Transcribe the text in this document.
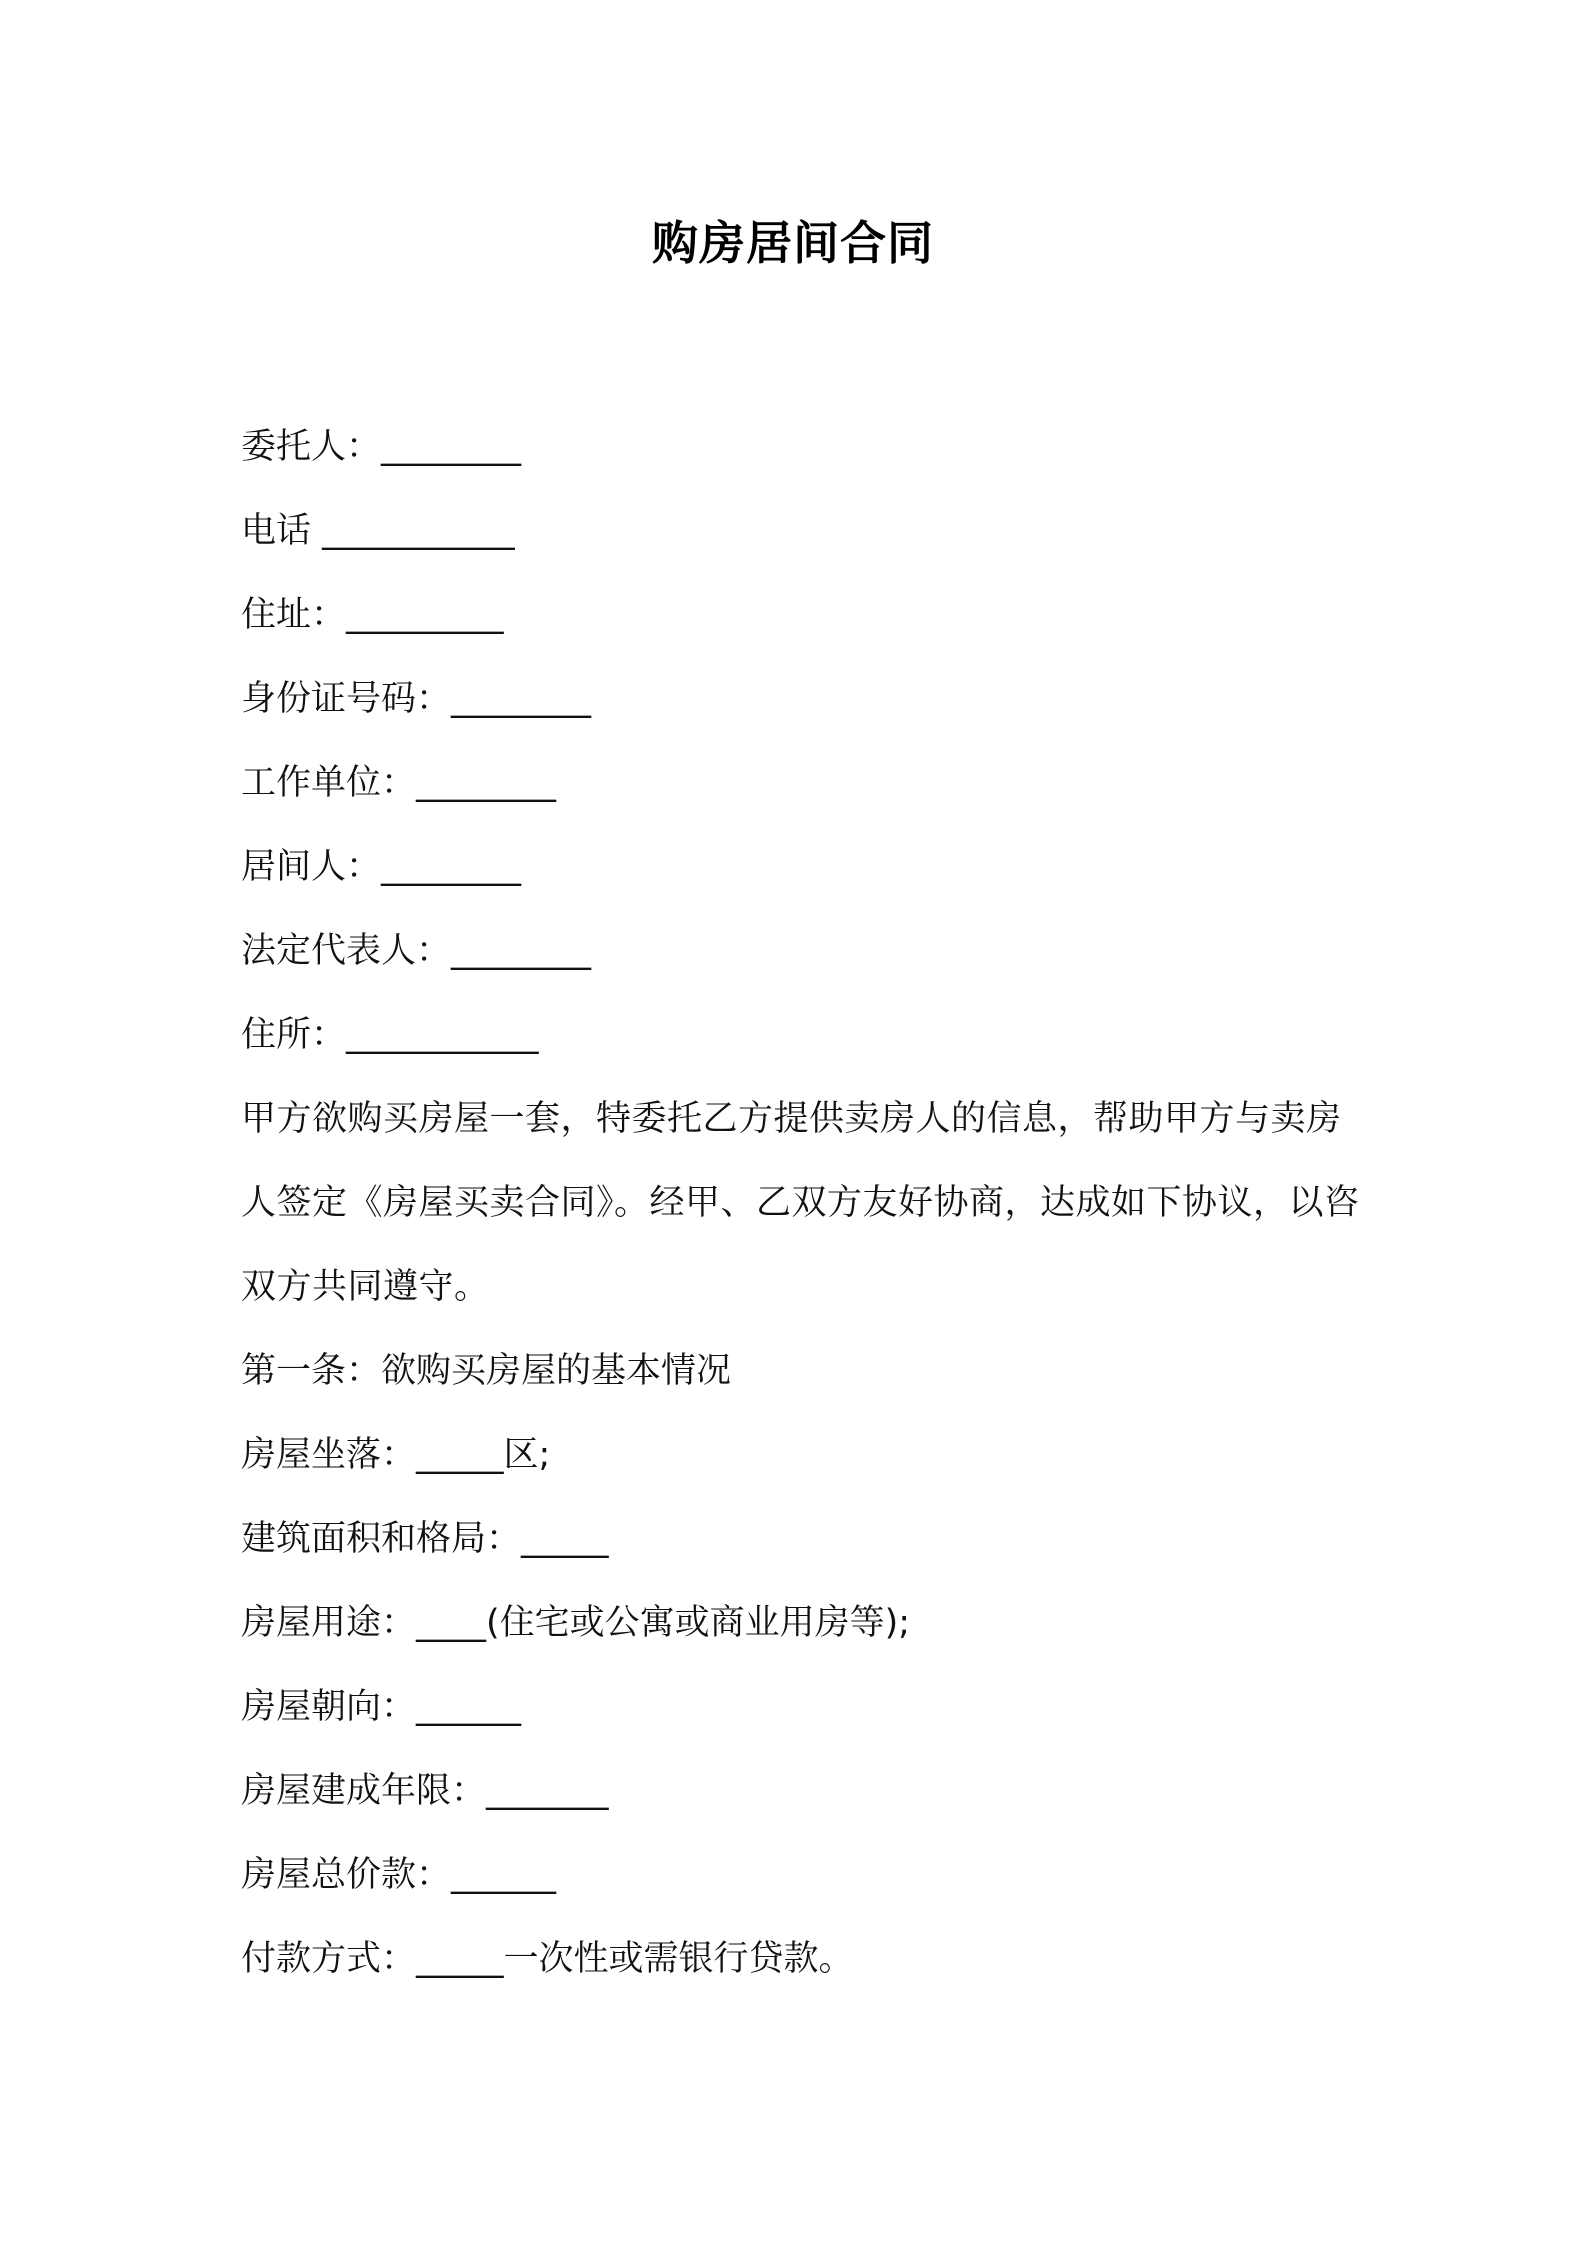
购房居间合同
委托人：________
电话 ___________
住址：_________
身份证号码：________
工作单位：________
居间人：________
法定代表人：________
住所：___________
甲方欲购买房屋一套，特委托乙方提供卖房人的信息，帮助甲方与卖房人签定《房屋买卖合同》。经甲、乙双方友好协商，达成如下协议，以咨双方共同遵守。
第一条：欲购买房屋的基本情况
房屋坐落：_____区;
建筑面积和格局：_____
房屋用途：____(住宅或公寓或商业用房等);
房屋朝向：______
房屋建成年限：_______
房屋总价款：______
付款方式：_____一次性或需银行贷款。
